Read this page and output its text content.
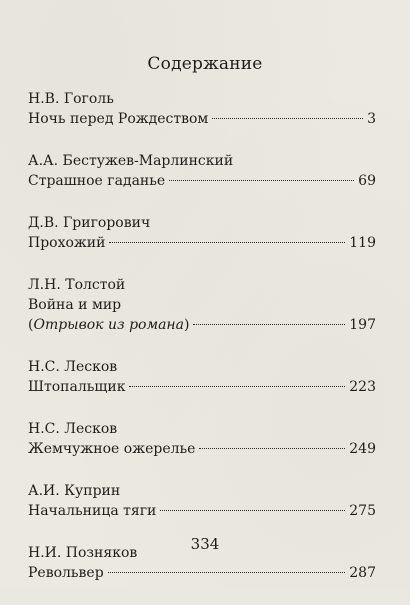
Содержание
Н.В. Гоголь
Ночь перед Рождеством	3
А.А. Бестужев-Марлинский
Страшное гаданье	69
Д.В. Григорович
Прохожий	119
Л.Н. Толстой
Война и мир
(Отрывок из романа)	197
Н.С. Лесков
Штопальщик	223
Н.С. Лесков
Жемчужное ожерелье	249
А.И. Куприн
Начальница тяги	275
Н.И. Позняков
Револьвер	287
334
